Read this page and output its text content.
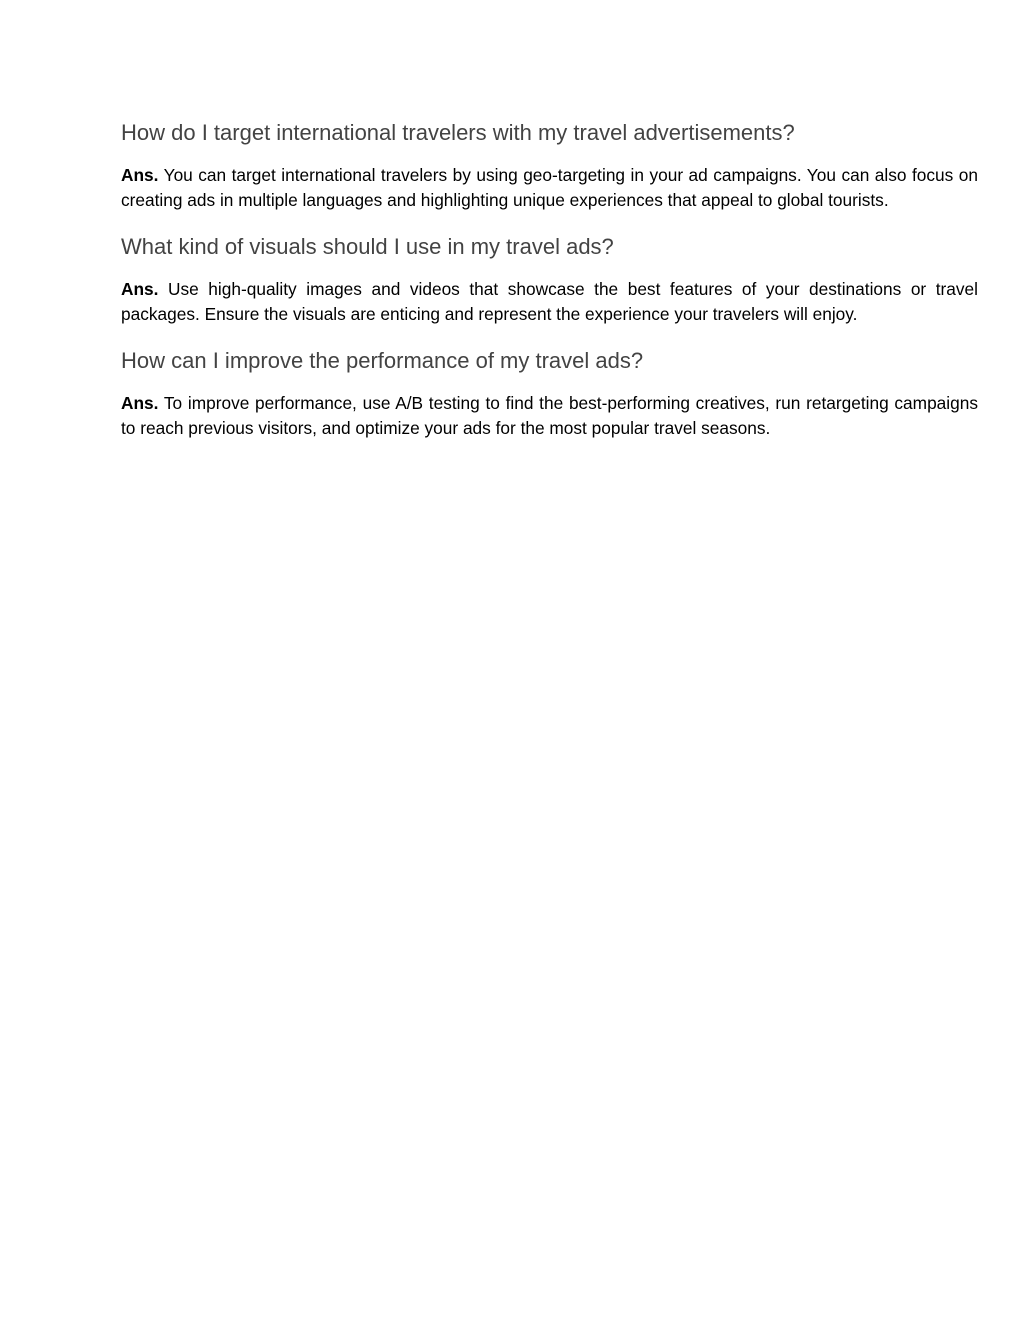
How do I target international travelers with my travel advertisements?

Ans. You can target international travelers by using geo-targeting in your ad campaigns. You can also focus on creating ads in multiple languages and highlighting unique experiences that appeal to global tourists.

What kind of visuals should I use in my travel ads?

Ans. Use high-quality images and videos that showcase the best features of your destinations or travel packages. Ensure the visuals are enticing and represent the experience your travelers will enjoy.

How can I improve the performance of my travel ads?

Ans. To improve performance, use A/B testing to find the best-performing creatives, run retargeting campaigns to reach previous visitors, and optimize your ads for the most popular travel seasons.
